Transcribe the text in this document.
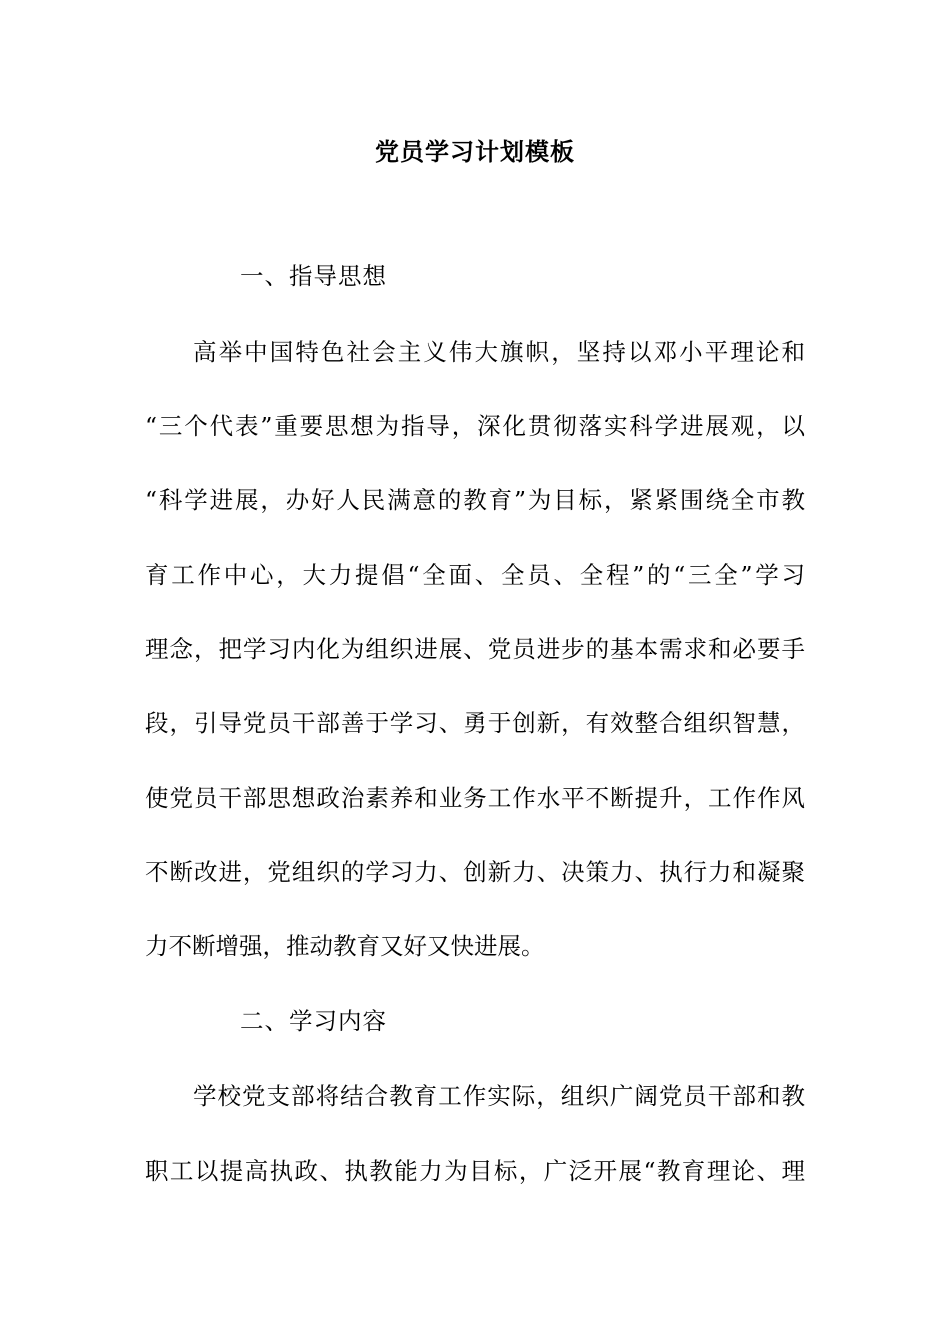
党员学习计划模板
一、指导思想
高举中国特色社会主义伟大旗帜，坚持以邓小平理论和
“三个代表”重要思想为指导，深化贯彻落实科学进展观，以
“科学进展，办好人民满意的教育”为目标，紧紧围绕全市教
育工作中心，大力提倡“全面、全员、全程”的“三全”学习
理念，把学习内化为组织进展、党员进步的基本需求和必要手
段，引导党员干部善于学习、勇于创新，有效整合组织智慧，
使党员干部思想政治素养和业务工作水平不断提升，工作作风
不断改进，党组织的学习力、创新力、决策力、执行力和凝聚
力不断增强，推动教育又好又快进展。
二、学习内容
学校党支部将结合教育工作实际，组织广阔党员干部和教
职工以提高执政、执教能力为目标，广泛开展“教育理论、理
